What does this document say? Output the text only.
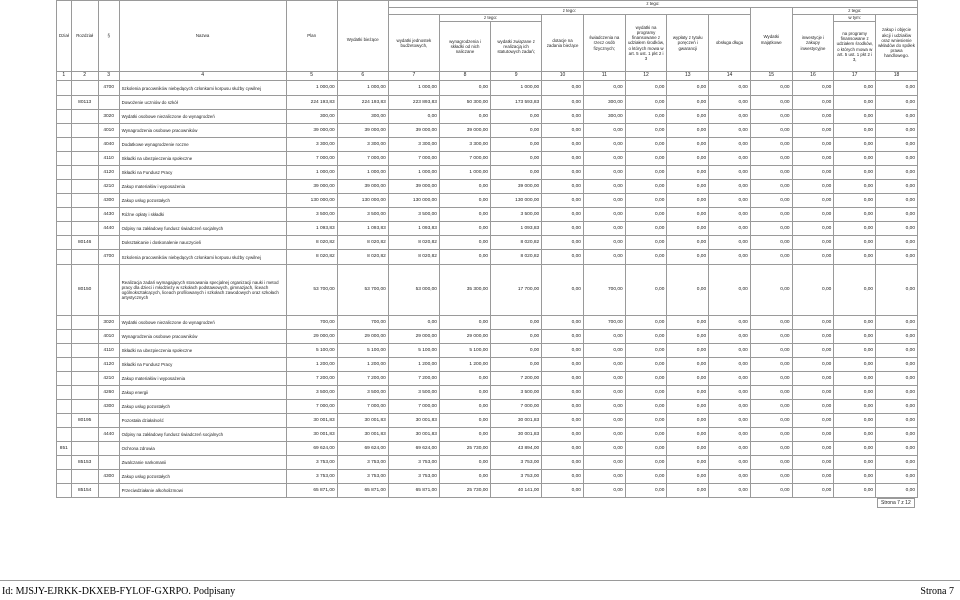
Dział	Rozdział	§	Nazwa	Plan		z tego:											
					Wydatki bieżące	z tego:								Wydatki majątkowe	z tego:		
						wydatki jednostek budżetowych,	z tego:		dotacje na zadania bieżące	świadczenia na rzecz osób fizycznych;	wydatki na programy finansowane z udziałem środków, o których mowa w art. 5 ust. 1 pkt 2 i 3	wypłaty z tytułu poręczeń i gwarancji	obsługa długu		inwestycje i zakupy inwestycyjne	w tym:	zakup i objęcie akcji i udziałów oraz wniesienie wkładów do spółek prawa handlowego.
							wynagrodzenia i składki od nich naliczane	wydatki związane z realizacją ich statutowych zadań;								na programy finansowane z udziałem środków, o których mowa w art. 5 ust. 1 pkt 2 i 3,	

1	2	3	4	5	6	7	8	9	10	11	12	13	14	15	16	17	18
		4700	Szkolenia pracowników niebędących członkami korpusu służby cywilnej	1 000,00	1 000,00	1 000,00	0,00	1 000,00	0,00	0,00	0,00	0,00	0,00	0,00	0,00	0,00	0,00
	80113		Dowożenie uczniów do szkół	224 193,83	224 193,83	223 893,83	50 300,00	173 593,83	0,00	300,00	0,00	0,00	0,00	0,00	0,00	0,00	0,00
		3020	Wydatki osobowe niezaliczone do wynagrodzeń	300,00	300,00	0,00	0,00	0,00	0,00	300,00	0,00	0,00	0,00	0,00	0,00	0,00	0,00
		4010	Wynagrodzenia osobowe pracowników	39 000,00	39 000,00	39 000,00	39 000,00	0,00	0,00	0,00	0,00	0,00	0,00	0,00	0,00	0,00	0,00
		4040	Dodatkowe wynagrodzenie roczne	3 300,00	3 300,00	3 300,00	3 300,00	0,00	0,00	0,00	0,00	0,00	0,00	0,00	0,00	0,00	0,00
		4110	Składki na ubezpieczenia społeczne	7 000,00	7 000,00	7 000,00	7 000,00	0,00	0,00	0,00	0,00	0,00	0,00	0,00	0,00	0,00	0,00
		4120	Składki na Fundusz Pracy	1 000,00	1 000,00	1 000,00	1 000,00	0,00	0,00	0,00	0,00	0,00	0,00	0,00	0,00	0,00	0,00
		4210	Zakup materiałów i wyposażenia	39 000,00	39 000,00	39 000,00	0,00	39 000,00	0,00	0,00	0,00	0,00	0,00	0,00	0,00	0,00	0,00
		4300	Zakup usług pozostałych	130 000,00	130 000,00	130 000,00	0,00	130 000,00	0,00	0,00	0,00	0,00	0,00	0,00	0,00	0,00	0,00
		4430	Różne opłaty i składki	3 500,00	3 500,00	3 500,00	0,00	3 500,00	0,00	0,00	0,00	0,00	0,00	0,00	0,00	0,00	0,00
		4440	Odpisy na zakładowy fundusz świadczeń socjalnych	1 093,83	1 093,83	1 093,83	0,00	1 093,83	0,00	0,00	0,00	0,00	0,00	0,00	0,00	0,00	0,00
	80146		Dokształcanie i doskonalenie nauczycieli	8 020,82	8 020,82	8 020,82	0,00	8 020,82	0,00	0,00	0,00	0,00	0,00	0,00	0,00	0,00	0,00
		4700	Szkolenia pracowników niebędących członkami korpusu służby cywilnej	8 020,82	8 020,82	8 020,82	0,00	8 020,82	0,00	0,00	0,00	0,00	0,00	0,00	0,00	0,00	0,00
	80150		Realizacja zadań wymagających stosowania specjalnej organizacji nauki i metod pracy dla dzieci i młodzieży w szkołach podstawowych, gimnazjach, liceach ogólnokształcących, liceach profilowanych i szkołach zawodowych oraz szkołach artystycznych	53 700,00	53 700,00	53 000,00	35 300,00	17 700,00	0,00	700,00	0,00	0,00	0,00	0,00	0,00	0,00	0,00
		3020	Wydatki osobowe niezaliczone do wynagrodzeń	700,00	700,00	0,00	0,00	0,00	0,00	700,00	0,00	0,00	0,00	0,00	0,00	0,00	0,00
		4010	Wynagrodzenia osobowe pracowników	29 000,00	29 000,00	29 000,00	29 000,00	0,00	0,00	0,00	0,00	0,00	0,00	0,00	0,00	0,00	0,00
		4110	Składki na ubezpieczenia społeczne	5 100,00	5 100,00	5 100,00	5 100,00	0,00	0,00	0,00	0,00	0,00	0,00	0,00	0,00	0,00	0,00
		4120	Składki na Fundusz Pracy	1 200,00	1 200,00	1 200,00	1 200,00	0,00	0,00	0,00	0,00	0,00	0,00	0,00	0,00	0,00	0,00
		4210	Zakup materiałów i wyposażenia	7 200,00	7 200,00	7 200,00	0,00	7 200,00	0,00	0,00	0,00	0,00	0,00	0,00	0,00	0,00	0,00
		4260	Zakup energii	3 500,00	3 500,00	3 500,00	0,00	3 500,00	0,00	0,00	0,00	0,00	0,00	0,00	0,00	0,00	0,00
		4300	Zakup usług pozostałych	7 000,00	7 000,00	7 000,00	0,00	7 000,00	0,00	0,00	0,00	0,00	0,00	0,00	0,00	0,00	0,00
	80195		Pozostała działalność	30 001,83	30 001,83	30 001,83	0,00	30 001,83	0,00	0,00	0,00	0,00	0,00	0,00	0,00	0,00	0,00
		4440	Odpisy na zakładowy fundusz świadczeń socjalnych	30 001,83	30 001,83	30 001,83	0,00	30 001,83	0,00	0,00	0,00	0,00	0,00	0,00	0,00	0,00	0,00
851			Ochrona zdrowia	69 624,00	69 624,00	69 624,00	25 730,00	43 894,00	0,00	0,00	0,00	0,00	0,00	0,00	0,00	0,00	0,00
	85153		Zwalczanie narkomanii	3 753,00	3 753,00	3 753,00	0,00	3 753,00	0,00	0,00	0,00	0,00	0,00	0,00	0,00	0,00	0,00
		4300	Zakup usług pozostałych	3 753,00	3 753,00	3 753,00	0,00	3 753,00	0,00	0,00	0,00	0,00	0,00	0,00	0,00	0,00	0,00
	85154		Przeciwdziałanie alkoholizmowi	65 871,00	65 871,00	65 871,00	25 730,00	40 141,00	0,00	0,00	0,00	0,00	0,00	0,00	0,00	0,00	0,00
Strona 7 z 12
Id: MJSJY-EJRKK-DKXEB-FYLOF-GXRPO. Podpisany	Strona 7
